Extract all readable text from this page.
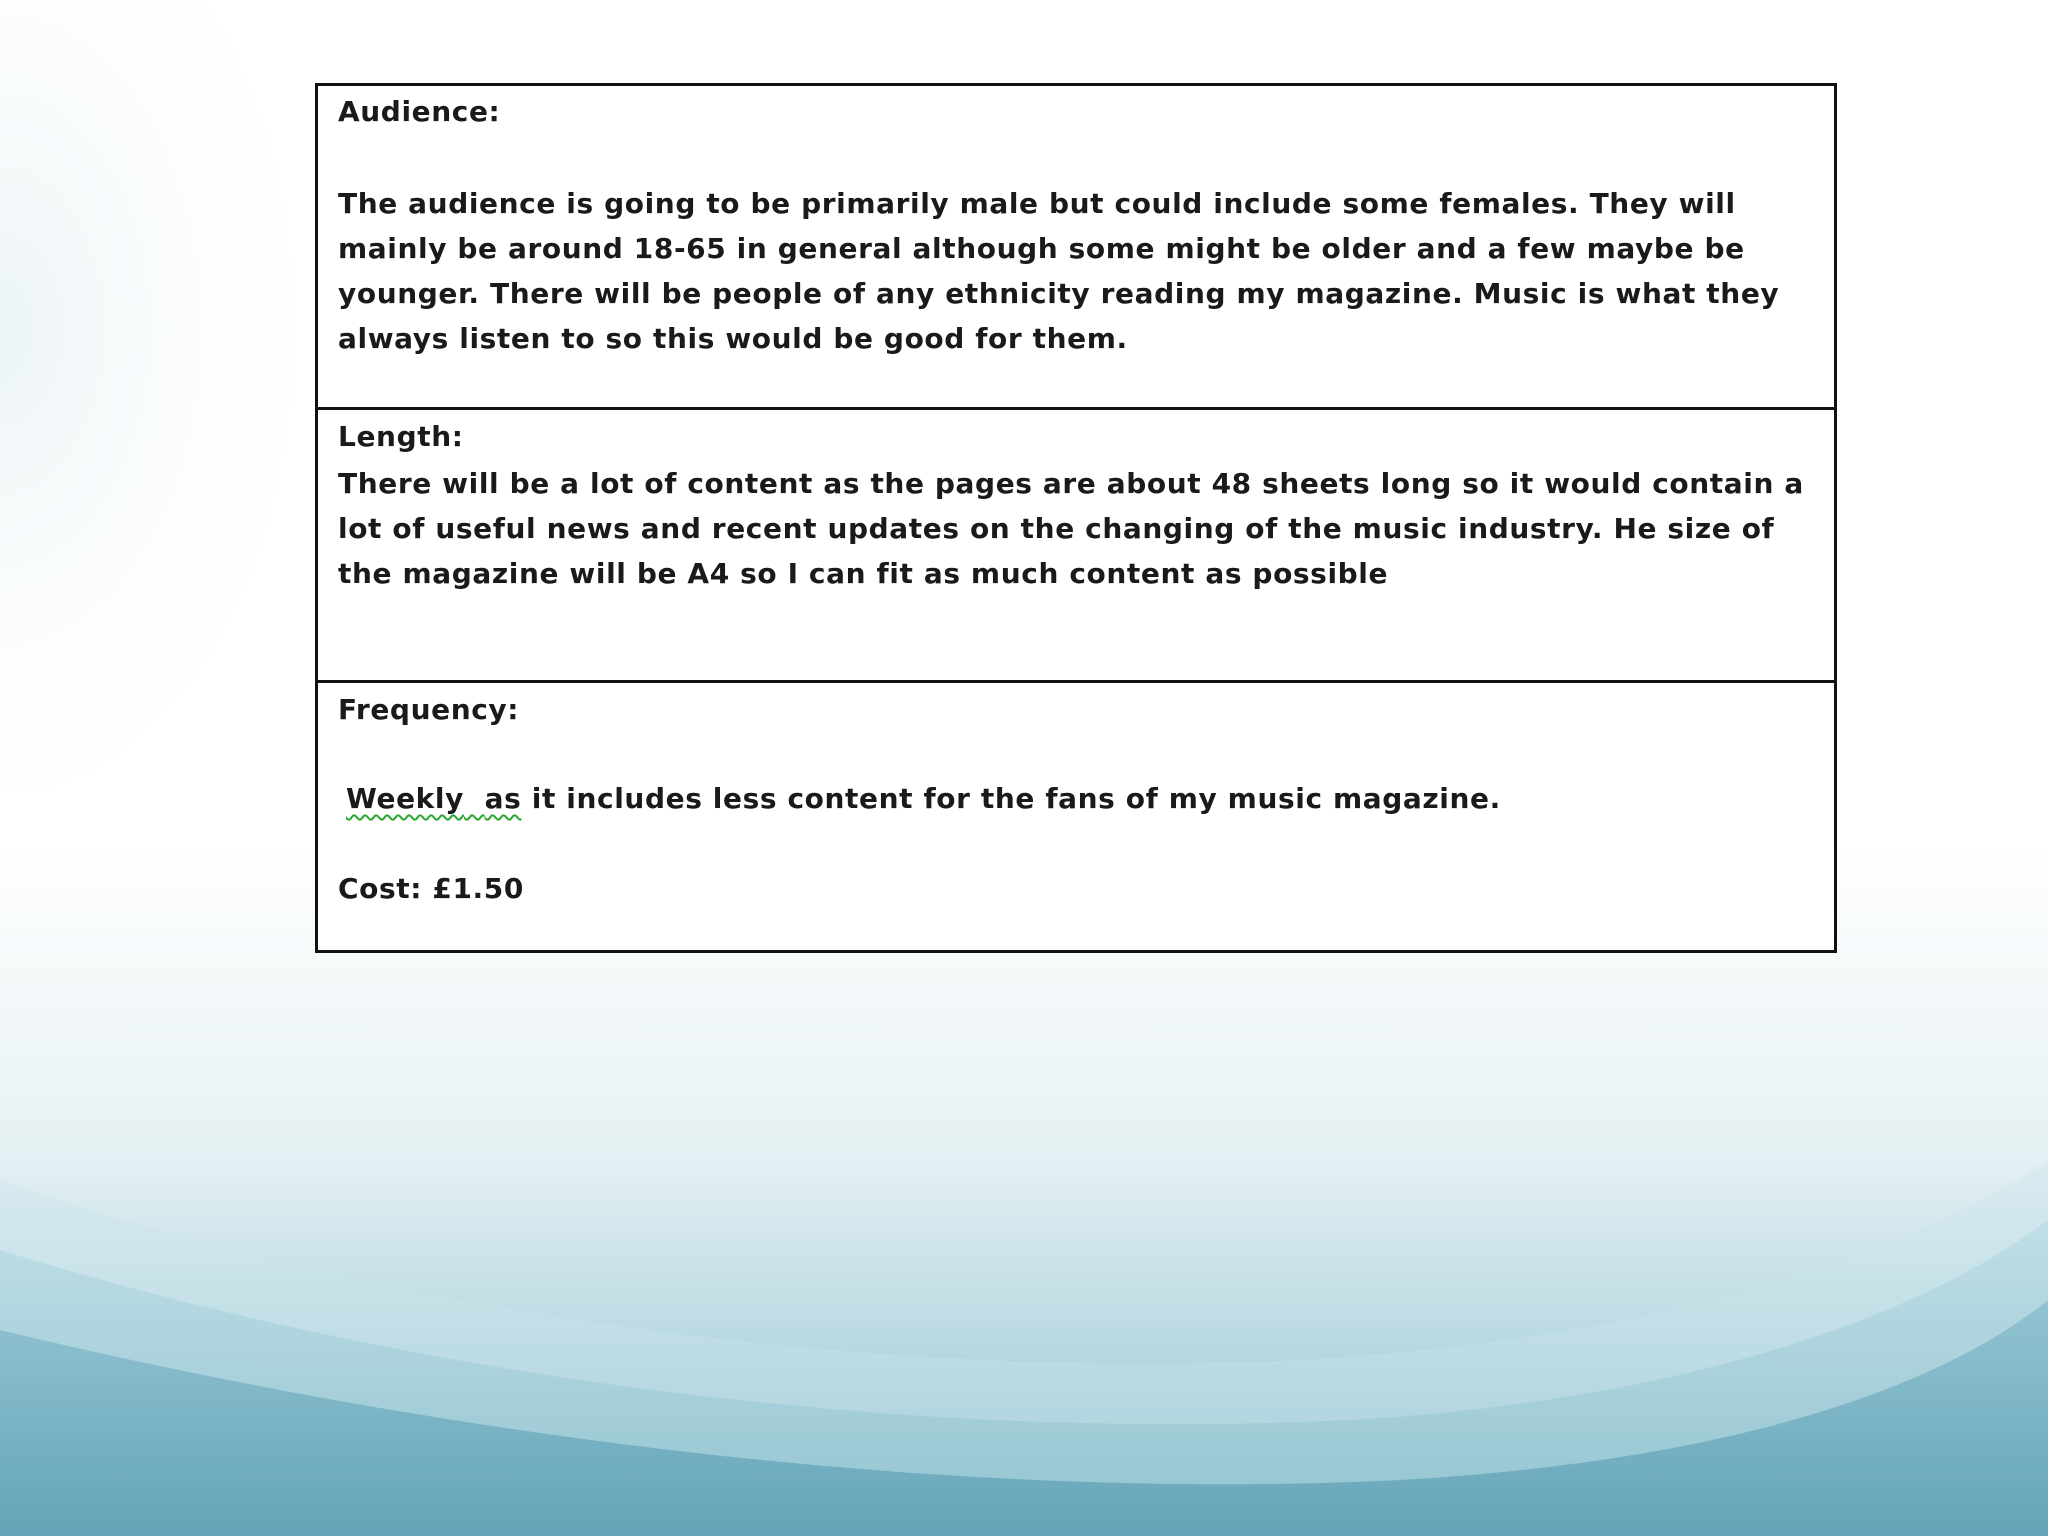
Audience:
The audience is going to be primarily male but could include some females. They will mainly be around 18-65 in general although some might be older and a few maybe be younger. There will be people of any ethnicity reading my magazine. Music is what they always listen to so this would be good for them.
Length:
There will be a lot of content as the pages are about 48 sheets long so it would contain a lot of useful news and recent updates on the changing of the music industry. He size of the magazine will be A4 so I can fit as much content as possible
Frequency:
Weekly as it includes less content for the fans of my music magazine.
Cost: £1.50
